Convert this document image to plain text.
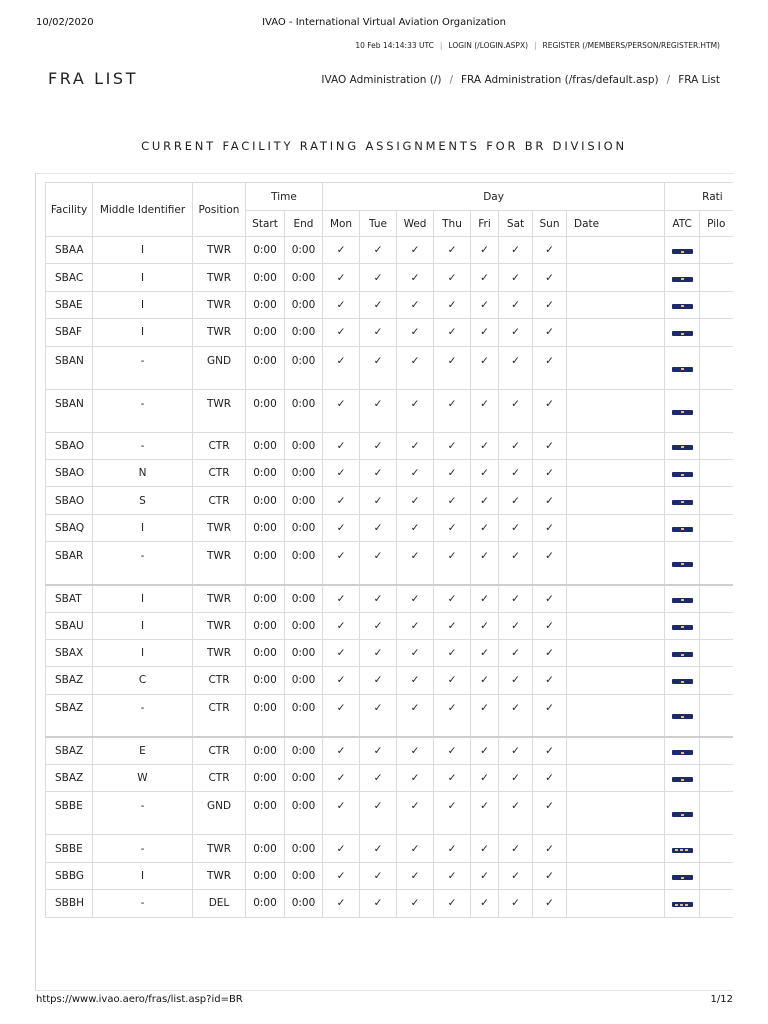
10/02/2020	IVAO - International Virtual Aviation Organization
10 Feb 14:14:33 UTC | LOGIN (/LOGIN.ASPX) | REGISTER (/MEMBERS/PERSON/REGISTER.HTM)
FRA LIST	IVAO Administration (/) / FRA Administration (/fras/default.asp) / FRA List
CURRENT FACILITY RATING ASSIGNMENTS FOR BR DIVISION
Facility	Middle Identifier	Position	Time		Day								Rati	
			Start	End	Mon	Tue	Wed	Thu	Fri	Sat	Sun	Date	ATC	Pilo
SBAA	I	TWR	0:00	0:00	✓	✓	✓	✓	✓	✓	✓			
SBAC	I	TWR	0:00	0:00	✓	✓	✓	✓	✓	✓	✓			
SBAE	I	TWR	0:00	0:00	✓	✓	✓	✓	✓	✓	✓			
SBAF	I	TWR	0:00	0:00	✓	✓	✓	✓	✓	✓	✓			
SBAN	-	GND	0:00	0:00	✓	✓	✓	✓	✓	✓	✓			
SBAN	-	TWR	0:00	0:00	✓	✓	✓	✓	✓	✓	✓			
SBAO	-	CTR	0:00	0:00	✓	✓	✓	✓	✓	✓	✓			
SBAO	N	CTR	0:00	0:00	✓	✓	✓	✓	✓	✓	✓			
SBAO	S	CTR	0:00	0:00	✓	✓	✓	✓	✓	✓	✓			
SBAQ	I	TWR	0:00	0:00	✓	✓	✓	✓	✓	✓	✓			
SBAR	-	TWR	0:00	0:00	✓	✓	✓	✓	✓	✓	✓			
SBAT	I	TWR	0:00	0:00	✓	✓	✓	✓	✓	✓	✓			
SBAU	I	TWR	0:00	0:00	✓	✓	✓	✓	✓	✓	✓			
SBAX	I	TWR	0:00	0:00	✓	✓	✓	✓	✓	✓	✓			
SBAZ	C	CTR	0:00	0:00	✓	✓	✓	✓	✓	✓	✓			
SBAZ	-	CTR	0:00	0:00	✓	✓	✓	✓	✓	✓	✓			
SBAZ	E	CTR	0:00	0:00	✓	✓	✓	✓	✓	✓	✓			
SBAZ	W	CTR	0:00	0:00	✓	✓	✓	✓	✓	✓	✓			
SBBE	-	GND	0:00	0:00	✓	✓	✓	✓	✓	✓	✓			
SBBE	-	TWR	0:00	0:00	✓	✓	✓	✓	✓	✓	✓			
SBBG	I	TWR	0:00	0:00	✓	✓	✓	✓	✓	✓	✓			
SBBH	-	DEL	0:00	0:00	✓	✓	✓	✓	✓	✓	✓			
https://www.ivao.aero/fras/list.asp?id=BR	1/12
